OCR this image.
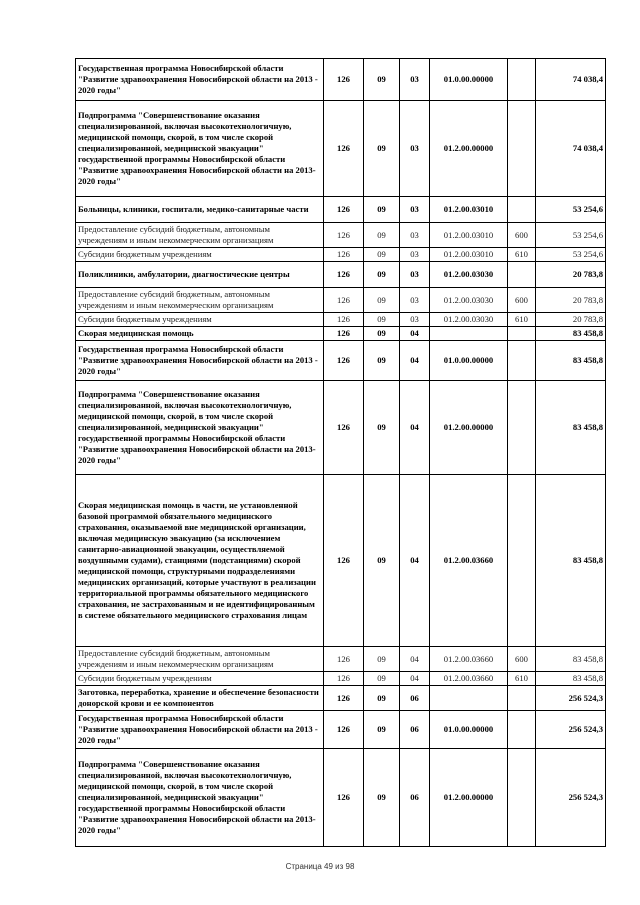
Государственная программа Новосибирской области "Развитие здравоохранения Новосибирской области на 2013 - 2020 годы"	126	09	03	01.0.00.00000		74 038,4
Подпрограмма "Совершенствование оказания специализированной, включая высокотехнологичную, медицинской помощи, скорой, в том числе скорой специализированной, медицинской эвакуации" государственной программы Новосибирской области "Развитие здравоохранения Новосибирской области на 2013-2020 годы"	126	09	03	01.2.00.00000		74 038,4
Больницы, клиники, госпитали, медико-санитарные части	126	09	03	01.2.00.03010		53 254,6
Предоставление субсидий бюджетным, автономным учреждениям и иным некоммерческим организациям	126	09	03	01.2.00.03010	600	53 254,6
Субсидии бюджетным учреждениям	126	09	03	01.2.00.03010	610	53 254,6
Поликлиники, амбулатории, диагностические центры	126	09	03	01.2.00.03030		20 783,8
Предоставление субсидий бюджетным, автономным учреждениям и иным некоммерческим организациям	126	09	03	01.2.00.03030	600	20 783,8
Субсидии бюджетным учреждениям	126	09	03	01.2.00.03030	610	20 783,8
Скорая медицинская помощь	126	09	04			83 458,8
Государственная программа Новосибирской области "Развитие здравоохранения Новосибирской области на 2013 - 2020 годы"	126	09	04	01.0.00.00000		83 458,8
Подпрограмма "Совершенствование оказания специализированной, включая высокотехнологичную, медицинской помощи, скорой, в том числе скорой специализированной, медицинской эвакуации" государственной программы Новосибирской области "Развитие здравоохранения Новосибирской области на 2013-2020 годы"	126	09	04	01.2.00.00000		83 458,8
Скорая медицинская помощь в части, не установленной базовой программой обязательного медицинского страхования, оказываемой вне медицинской организации, включая медицинскую эвакуацию (за исключением санитарно-авиационной эвакуации, осуществляемой воздушными судами), станциями (подстанциями) скорой медицинской помощи, структурными подразделениями медицинских организаций, которые участвуют в реализации территориальной программы обязательного медицинского страхования, не застрахованным и не идентифицированным в системе обязательного медицинского страхования лицам	126	09	04	01.2.00.03660		83 458,8
Предоставление субсидий бюджетным, автономным учреждениям и иным некоммерческим организациям	126	09	04	01.2.00.03660	600	83 458,8
Субсидии бюджетным учреждениям	126	09	04	01.2.00.03660	610	83 458,8
Заготовка, переработка, хранение и обеспечение безопасности донорской крови и ее компонентов	126	09	06			256 524,3
Государственная программа Новосибирской области "Развитие здравоохранения Новосибирской области на 2013 - 2020 годы"	126	09	06	01.0.00.00000		256 524,3
Подпрограмма "Совершенствование оказания специализированной, включая высокотехнологичную, медицинской помощи, скорой, в том числе скорой специализированной, медицинской эвакуации" государственной программы Новосибирской области "Развитие здравоохранения Новосибирской области на 2013-2020 годы"	126	09	06	01.2.00.00000		256 524,3
Страница 49 из 98
